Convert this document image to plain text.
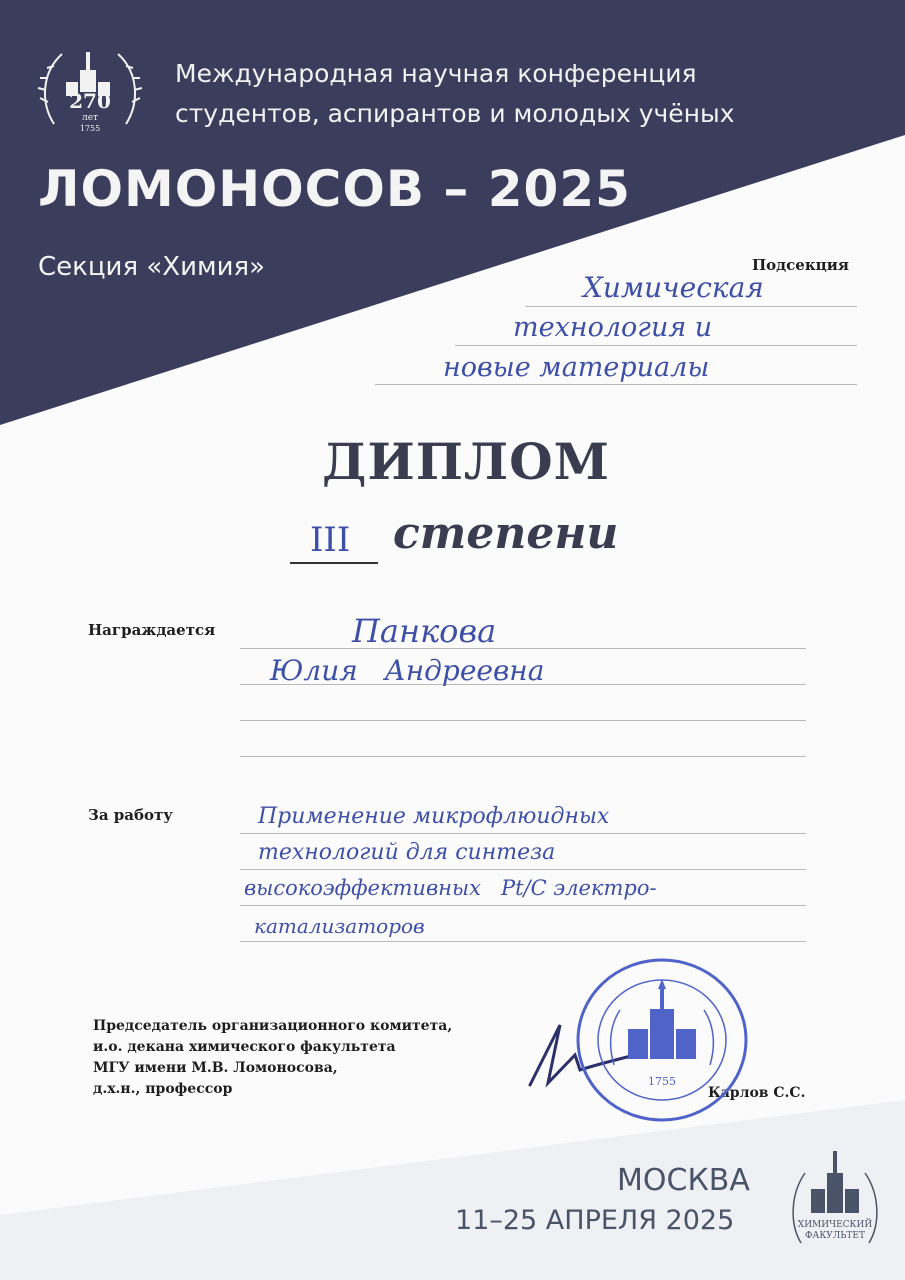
270
лет
1755
Международная научная конференция
студентов, аспирантов и молодых учёных
ЛОМОНОСОВ – 2025
Секция «Химия»	Подсекция
Химическая
технология и
новые материалы
ДИПЛОМ
III степени
Награждается	Панкова
Юлия   Андреевна
За работу	Применение микрофлюидных
технологий для синтеза
высокоэффективных   Pt/C электро-
катализаторов
Председатель организационного комитета,
и.о. декана химического факультета
МГУ имени М.В. Ломоносова,
д.х.н., профессор	Карлов С.С.
1755
МОСКВА
11–25 АПРЕЛЯ 2025	ХИМИЧЕСКИЙ
ФАКУЛЬТЕТ
